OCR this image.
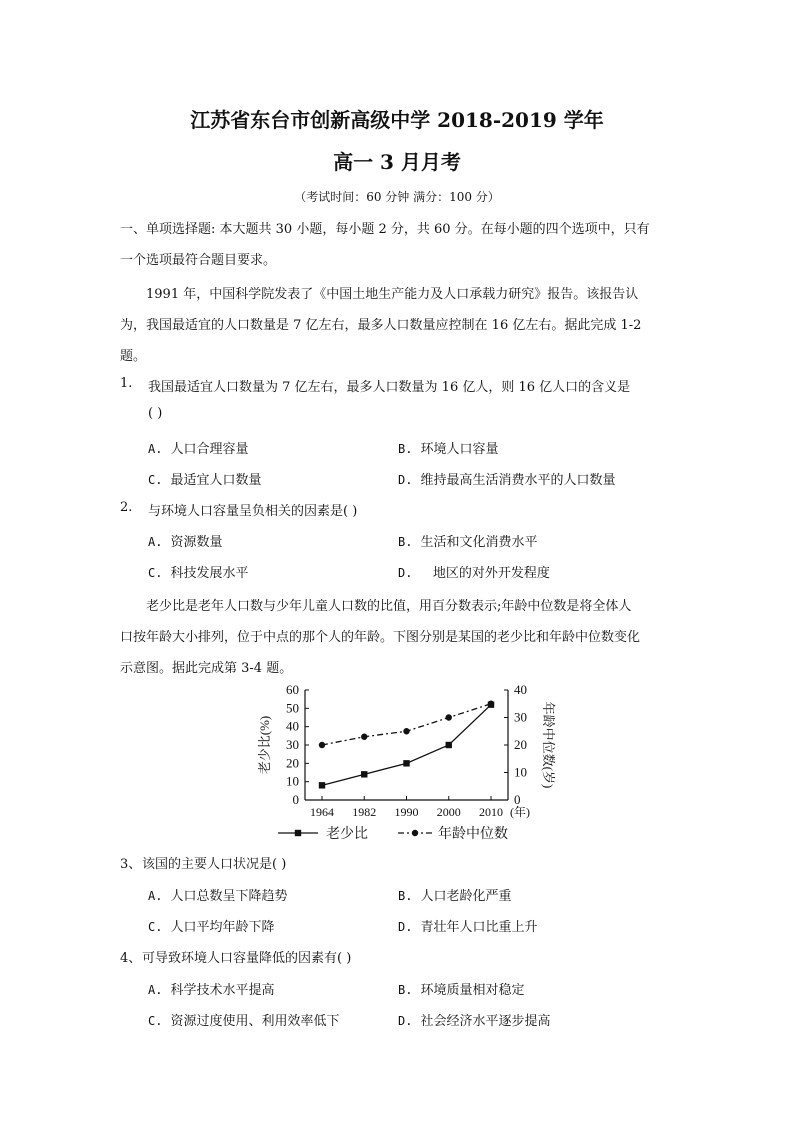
江苏省东台市创新高级中学 2018-2019 学年
高一 3 月月考
（考试时间：60 分钟 满分：100 分）
一、单项选择题: 本大题共 30 小题，每小题 2 分，共 60 分。在每小题的四个选项中，只有
一个选项最符合题目要求。
1991 年，中国科学院发表了《中国土地生产能力及人口承载力研究》报告。该报告认
为，我国最适宜的人口数量是 7 亿左右，最多人口数量应控制在 16 亿左右。据此完成 1-2
题。
1. 我国最适宜人口数量为 7 亿左右，最多人口数量为 16 亿人，则 16 亿人口的含义是
( )
A. 人口合理容量	B. 环境人口容量
C. 最适宜人口数量	D. 维持最高生活消费水平的人口数量
2. 与环境人口容量呈负相关的因素是( )
A. 资源数量	B. 生活和文化消费水平
C. 科技发展水平	D.   地区的对外开发程度
老少比是老年人口数与少年儿童人口数的比值，用百分数表示;年龄中位数是将全体人
口按年龄大小排列，位于中点的那个人的年龄。下图分别是某国的老少比和年龄中位数变化
示意图。据此完成第 3-4 题。
0
10
20
30
40
50
60
0
10
20
30
40
1964 1982 1990 2000 2010 (年)
老少比(%)	年龄中位数(岁)
老少比	年龄中位数
3、 该国的主要人口状况是( )
A. 人口总数呈下降趋势	B. 人口老龄化严重
C. 人口平均年龄下降	D. 青壮年人口比重上升
4、 可导致环境人口容量降低的因素有( )
A. 科学技术水平提高	B. 环境质量相对稳定
C. 资源过度使用、利用效率低下	D. 社会经济水平逐步提高
